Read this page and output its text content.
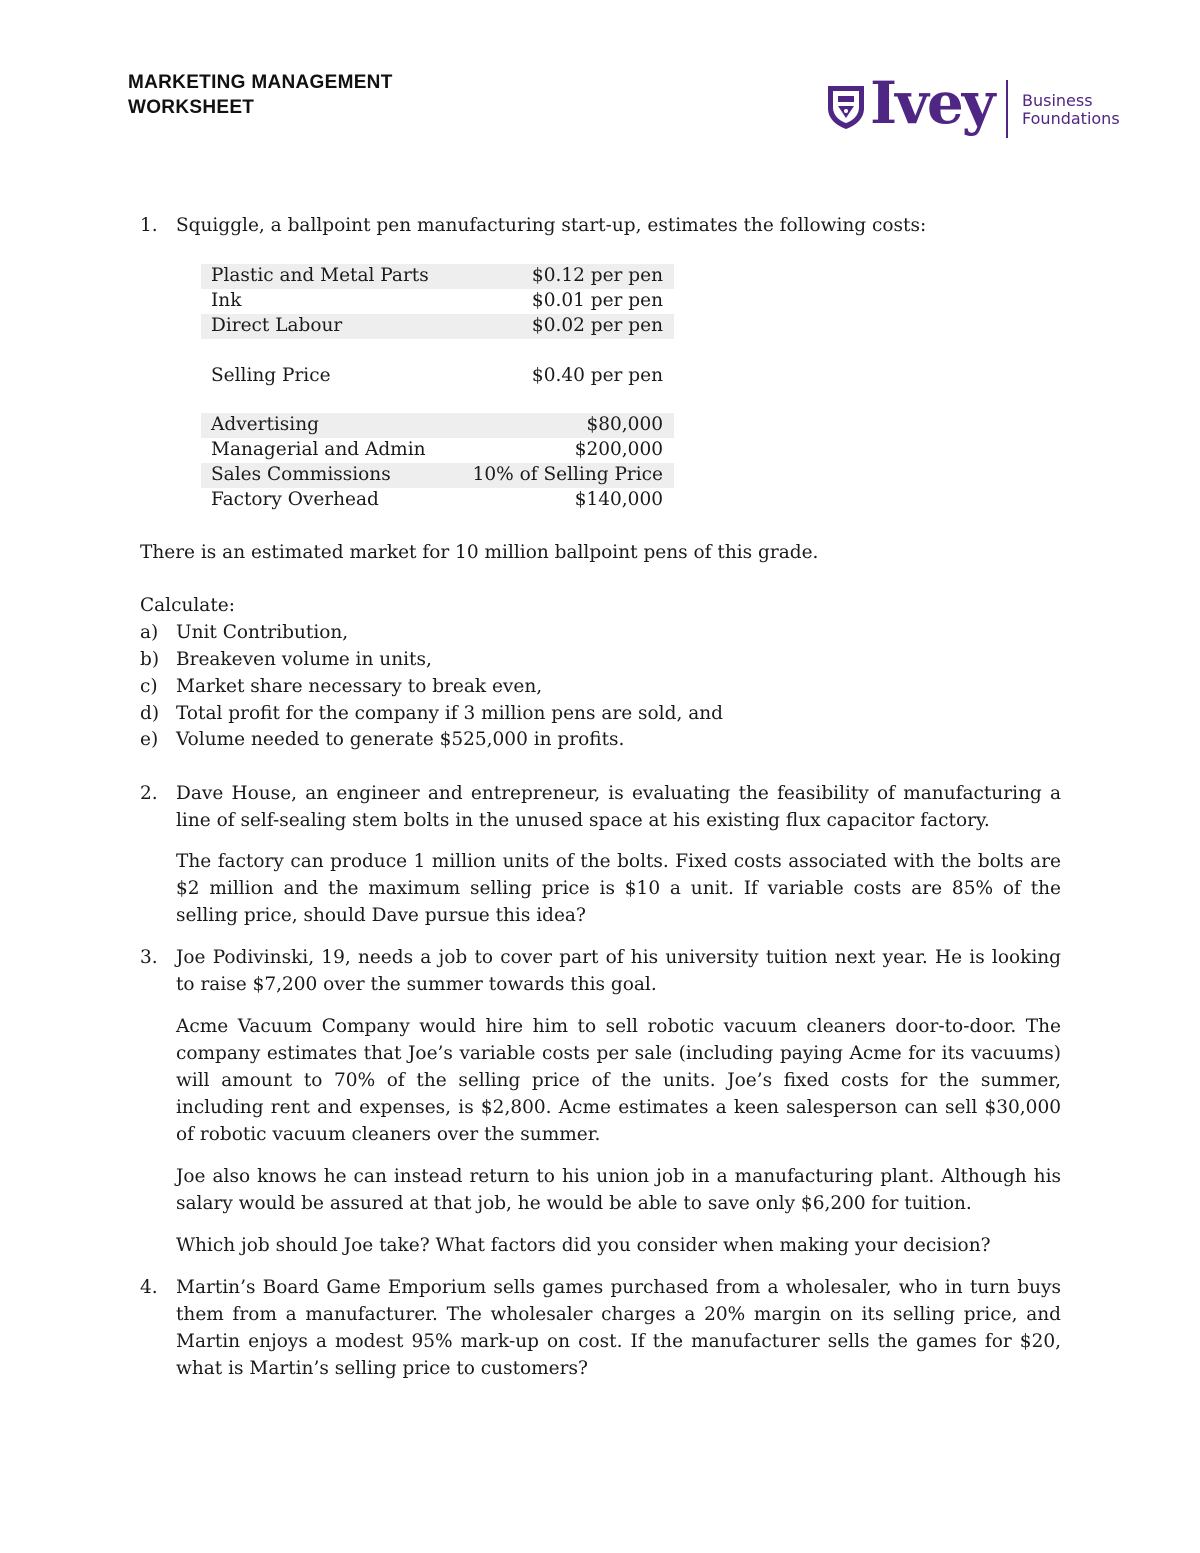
MARKETING MANAGEMENT
WORKSHEET	Ivey Business
Foundations
1. Squiggle, a ballpoint pen manufacturing start-up, estimates the following costs:
Plastic and Metal Parts	$0.12 per pen
Ink	$0.01 per pen
Direct Labour	$0.02 per pen
Selling Price	$0.40 per pen
Advertising	$80,000
Managerial and Admin	$200,000
Sales Commissions	10% of Selling Price
Factory Overhead	$140,000
There is an estimated market for 10 million ballpoint pens of this grade.
Calculate:
a) Unit Contribution,
b) Breakeven volume in units,
c) Market share necessary to break even,
d) Total profit for the company if 3 million pens are sold, and
e) Volume needed to generate $525,000 in profits.
2. Dave House, an engineer and entrepreneur, is evaluating the feasibility of manufacturing a line of self-sealing stem bolts in the unused space at his existing flux capacitor factory.
The factory can produce 1 million units of the bolts. Fixed costs associated with the bolts are $2 million and the maximum selling price is $10 a unit. If variable costs are 85% of the selling price, should Dave pursue this idea?
3. Joe Podivinski, 19, needs a job to cover part of his university tuition next year. He is looking to raise $7,200 over the summer towards this goal.
Acme Vacuum Company would hire him to sell robotic vacuum cleaners door-to-door. The company estimates that Joe’s variable costs per sale (including paying Acme for its vacuums) will amount to 70% of the selling price of the units. Joe’s fixed costs for the summer, including rent and expenses, is $2,800. Acme estimates a keen salesperson can sell $30,000 of robotic vacuum cleaners over the summer.
Joe also knows he can instead return to his union job in a manufacturing plant. Although his salary would be assured at that job, he would be able to save only $6,200 for tuition.
Which job should Joe take? What factors did you consider when making your decision?
4. Martin’s Board Game Emporium sells games purchased from a wholesaler, who in turn buys them from a manufacturer. The wholesaler charges a 20% margin on its selling price, and Martin enjoys a modest 95% mark-up on cost. If the manufacturer sells the games for $20, what is Martin’s selling price to customers?
